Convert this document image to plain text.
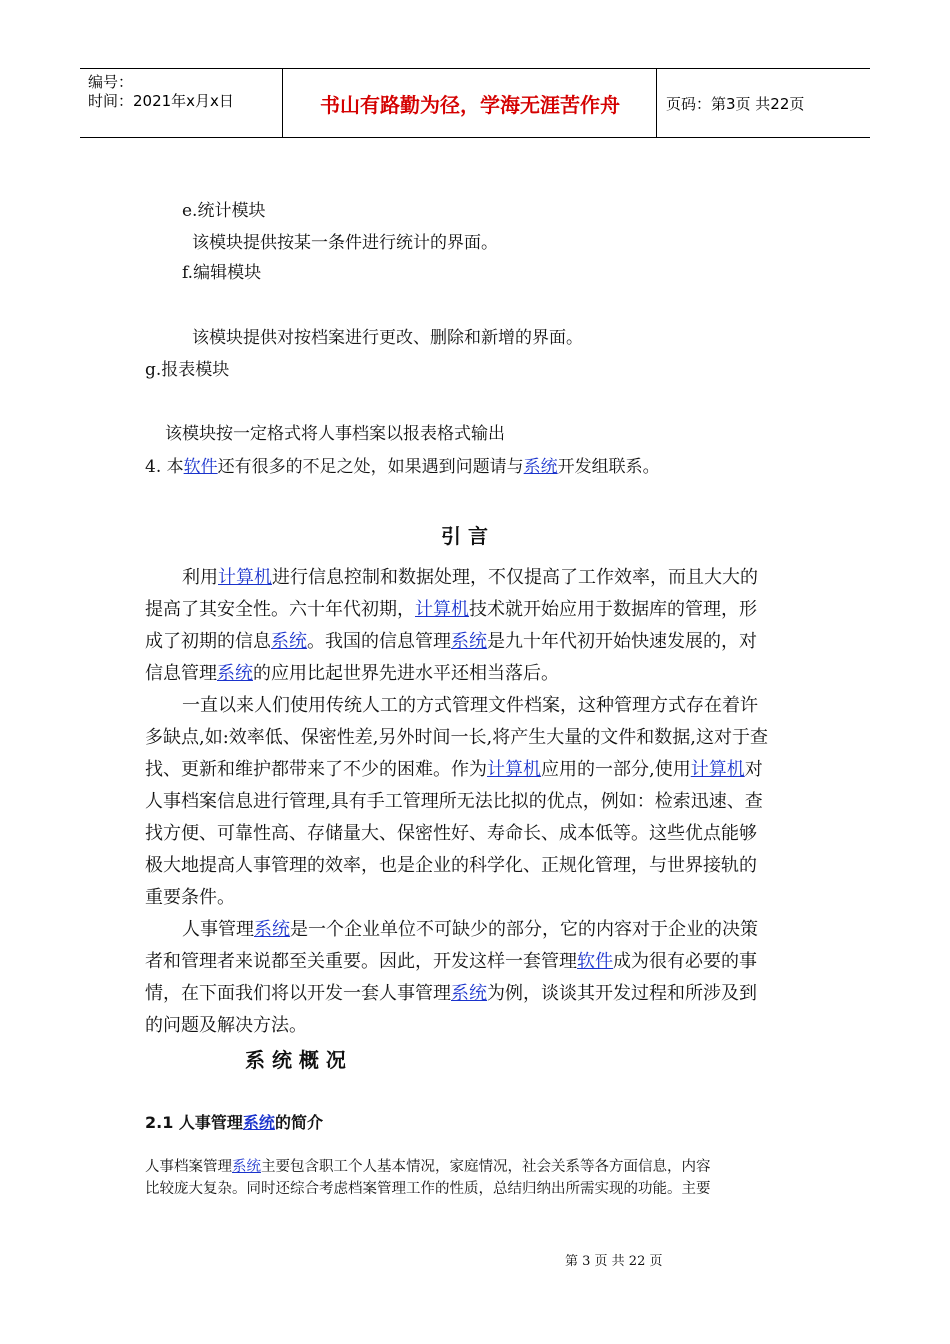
编号：
时间：2021年x月x日	书山有路勤为径，学海无涯苦作舟	页码：第3页 共22页
e.统计模块
该模块提供按某一条件进行统计的界面。
f.编辑模块
该模块提供对按档案进行更改、删除和新增的界面。
g.报表模块
该模块按一定格式将人事档案以报表格式输出
4. 本软件还有很多的不足之处，如果遇到问题请与系统开发组联系。
引 言
利用计算机进行信息控制和数据处理，不仅提高了工作效率，而且大大的
提高了其安全性。六十年代初期，计算机技术就开始应用于数据库的管理，形
成了初期的信息系统。我国的信息管理系统是九十年代初开始快速发展的，对
信息管理系统的应用比起世界先进水平还相当落后。
一直以来人们使用传统人工的方式管理文件档案，这种管理方式存在着许
多缺点,如:效率低、保密性差,另外时间一长,将产生大量的文件和数据,这对于查
找、更新和维护都带来了不少的困难。作为计算机应用的一部分,使用计算机对
人事档案信息进行管理,具有手工管理所无法比拟的优点，例如：检索迅速、查
找方便、可靠性高、存储量大、保密性好、寿命长、成本低等。这些优点能够
极大地提高人事管理的效率，也是企业的科学化、正规化管理，与世界接轨的
重要条件。
人事管理系统是一个企业单位不可缺少的部分，它的内容对于企业的决策
者和管理者来说都至关重要。因此，开发这样一套管理软件成为很有必要的事
情，在下面我们将以开发一套人事管理系统为例，谈谈其开发过程和所涉及到
的问题及解决方法。
系 统 概 况
2.1 人事管理系统的简介
人事档案管理系统主要包含职工个人基本情况，家庭情况，社会关系等各方面信息，内容
比较庞大复杂。同时还综合考虑档案管理工作的性质，总结归纳出所需实现的功能。主要
第 3 页 共 22 页
